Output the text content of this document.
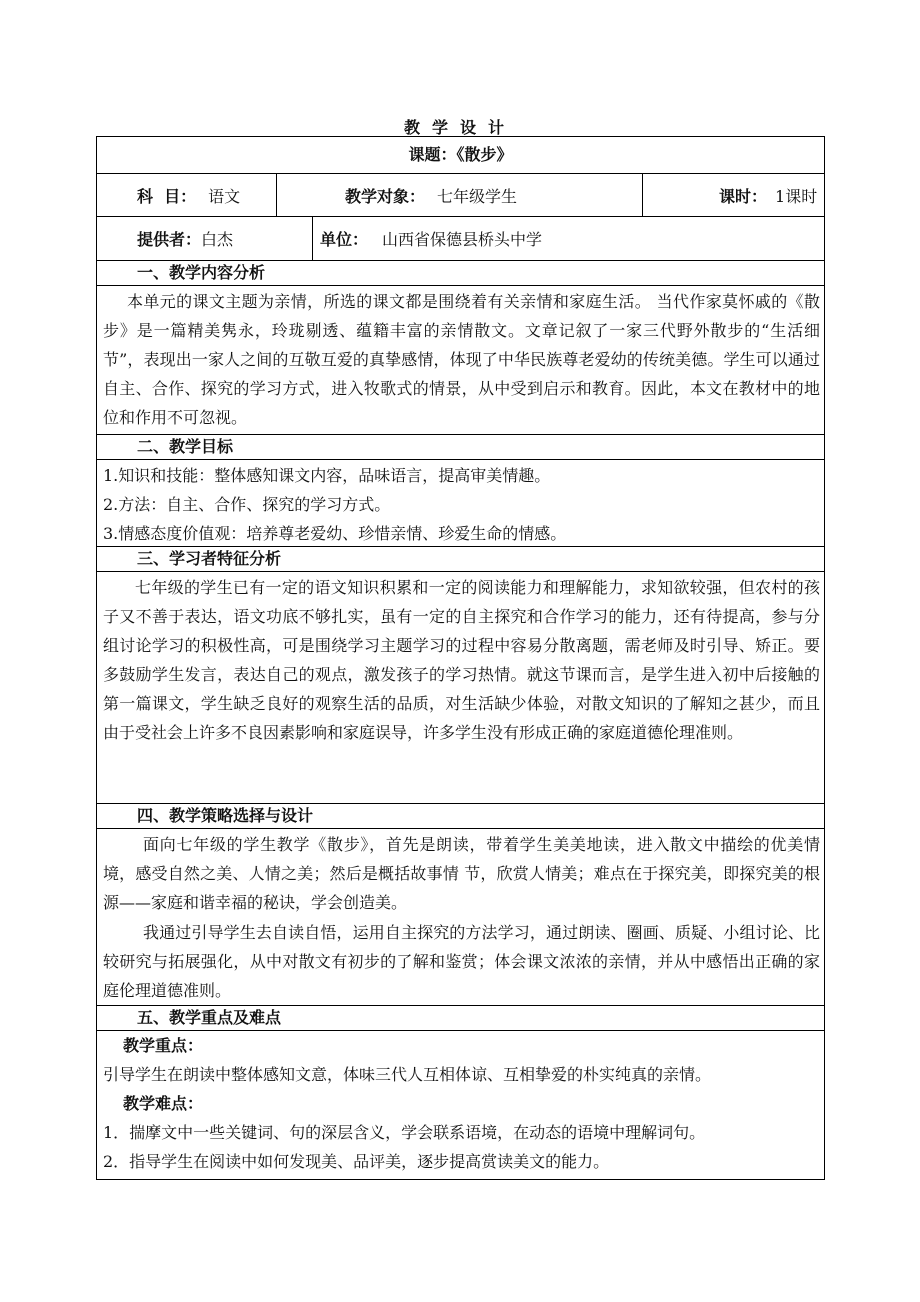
教学设计
课题：《散步》
科  目： 语文	教学对象： 七年级学生	课时： 1课时
提供者： 白杰	单位： 山西省保德县桥头中学
一、教学内容分析
本单元的课文主题为亲情，所选的课文都是围绕着有关亲情和家庭生活。 当代作家莫怀戚的《散步》是一篇精美隽永，玲珑剔透、蕴籍丰富的亲情散文。文章记叙了一家三代野外散步的“生活细节”，表现出一家人之间的互敬互爱的真挚感情，体现了中华民族尊老爱幼的传统美德。学生可以通过自主、合作、探究的学习方式，进入牧歌式的情景，从中受到启示和教育。因此，本文在教材中的地位和作用不可忽视。
二、教学目标
1.知识和技能：整体感知课文内容，品味语言，提高审美情趣。
2.方法：自主、合作、探究的学习方式。
3.情感态度价值观：培养尊老爱幼、珍惜亲情、珍爱生命的情感。
三、学习者特征分析
七年级的学生已有一定的语文知识积累和一定的阅读能力和理解能力，求知欲较强，但农村的孩子又不善于表达，语文功底不够扎实，虽有一定的自主探究和合作学习的能力，还有待提高，参与分组讨论学习的积极性高，可是围绕学习主题学习的过程中容易分散离题，需老师及时引导、矫正。要多鼓励学生发言，表达自己的观点，激发孩子的学习热情。就这节课而言，是学生进入初中后接触的第一篇课文，学生缺乏良好的观察生活的品质，对生活缺少体验，对散文知识的了解知之甚少，而且由于受社会上许多不良因素影响和家庭误导，许多学生没有形成正确的家庭道德伦理准则。
四、教学策略选择与设计
面向七年级的学生教学《散步》，首先是朗读，带着学生美美地读，进入散文中描绘的优美情境，感受自然之美、人情之美；然后是概括故事情 节，欣赏人情美；难点在于探究美，即探究美的根源——家庭和谐幸福的秘诀，学会创造美。
我通过引导学生去自读自悟，运用自主探究的方法学习，通过朗读、圈画、质疑、小组讨论、比较研究与拓展强化，从中对散文有初步的了解和鉴赏；体会课文浓浓的亲情，并从中感悟出正确的家庭伦理道德准则。
五、教学重点及难点
教学重点：
引导学生在朗读中整体感知文意，体味三代人互相体谅、互相挚爱的朴实纯真的亲情。
教学难点：
1．揣摩文中一些关键词、句的深层含义，学会联系语境，在动态的语境中理解词句。
2．指导学生在阅读中如何发现美、品评美，逐步提高赏读美文的能力。
